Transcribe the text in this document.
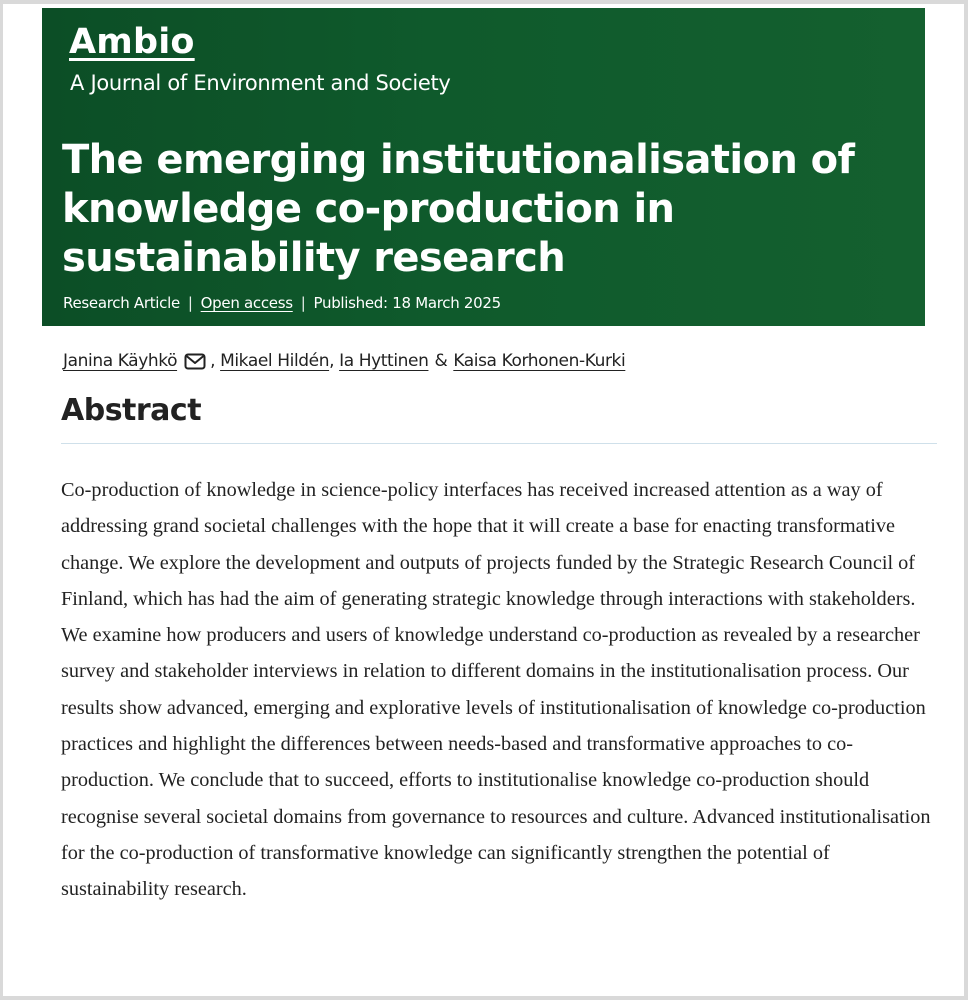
Ambio
A Journal of Environment and Society
The emerging institutionalisation of knowledge co-production in sustainability research
Research Article | Open access | Published: 18 March 2025
Janina Käyhkö , Mikael Hildén , Ia Hyttinen & Kaisa Korhonen-Kurki
Abstract

Co-production of knowledge in science-policy interfaces has received increased attention as a way of addressing grand societal challenges with the hope that it will create a base for enacting transformative change. We explore the development and outputs of projects funded by the Strategic Research Council of Finland, which has had the aim of generating strategic knowledge through interactions with stakeholders. We examine how producers and users of knowledge understand co-production as revealed by a researcher survey and stakeholder interviews in relation to different domains in the institutionalisation process. Our results show advanced, emerging and explorative levels of institutionalisation of knowledge co-production practices and highlight the differences between needs-based and transformative approaches to co-production. We conclude that to succeed, efforts to institutionalise knowledge co-production should recognise several societal domains from governance to resources and culture. Advanced institutionalisation for the co-production of transformative knowledge can significantly strengthen the potential of sustainability research.
